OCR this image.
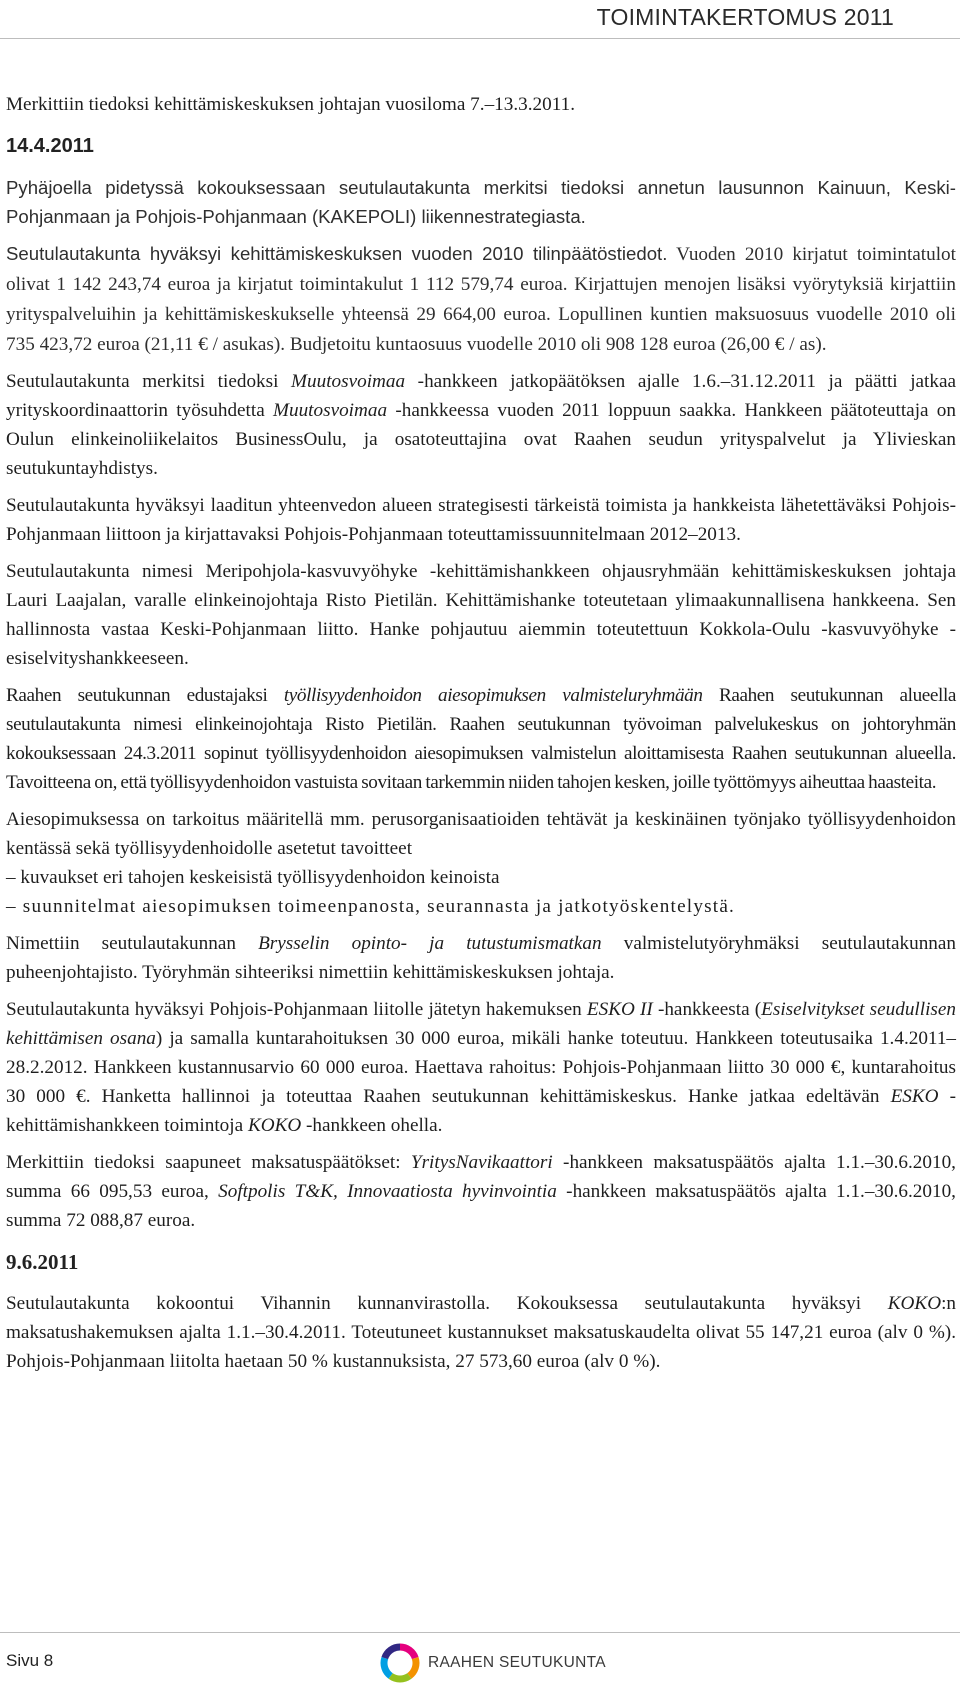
TOIMINTAKERTOMUS 2011

Merkittiin tiedoksi kehittämiskeskuksen johtajan vuosiloma 7.–13.3.2011.

14.4.2011

Pyhäjoella pidetyssä kokouksessaan seutulautakunta merkitsi tiedoksi annetun lausunnon Kainuun, Keski-Pohjanmaan ja Pohjois-Pohjanmaan (KAKEPOLI) liikennestrategiasta.

Seutulautakunta hyväksyi kehittämiskeskuksen vuoden 2010 tilinpäätöstiedot. Vuoden 2010 kirjatut toimintatulot olivat 1 142 243,74 euroa ja kirjatut toimintakulut 1 112 579,74 euroa. Kirjattujen menojen lisäksi vyörytyksiä kirjattiin yrityspalveluihin ja kehittämiskeskukselle yhteensä 29 664,00 euroa. Lopullinen kuntien maksuosuus vuodelle 2010 oli 735 423,72 euroa (21,11 € / asukas). Budjetoitu kuntaosuus vuodelle 2010 oli 908 128 euroa (26,00 € / as).

Seutulautakunta merkitsi tiedoksi Muutosvoimaa -hankkeen jatkopäätöksen ajalle 1.6.–31.12.2011 ja päätti jatkaa yrityskoordinaattorin työsuhdetta Muutosvoimaa -hankkeessa vuoden 2011 loppuun saakka. Hankkeen päätoteuttaja on Oulun elinkeinoliikelaitos BusinessOulu, ja osatoteuttajina ovat Raahen seudun yrityspalvelut ja Ylivieskan seutukuntayhdistys.

Seutulautakunta hyväksyi laaditun yhteenvedon alueen strategisesti tärkeistä toimista ja hankkeista lähetettäväksi Pohjois-Pohjanmaan liittoon ja kirjattavaksi Pohjois-Pohjanmaan toteuttamissuunnitelmaan 2012–2013.

Seutulautakunta nimesi Meripohjola-kasvuvyöhyke -kehittämishankkeen ohjausryhmään kehittämiskeskuksen johtaja Lauri Laajalan, varalle elinkeinojohtaja Risto Pietilän. Kehittämishanke toteutetaan ylimaakunnallisena hankkeena. Sen hallinnosta vastaa Keski-Pohjanmaan liitto. Hanke pohjautuu aiemmin toteutettuun Kokkola-Oulu -kasvuvyöhyke -esiselvityshankkeeseen.

Raahen seutukunnan edustajaksi työllisyydenhoidon aiesopimuksen valmisteluryhmään Raahen seutukunnan alueella seutulautakunta nimesi elinkeinojohtaja Risto Pietilän. Raahen seutukunnan työvoiman palvelukeskus on johtoryhmän kokouksessaan 24.3.2011 sopinut työllisyydenhoidon aiesopimuksen valmistelun aloittamisesta Raahen seutukunnan alueella. Tavoitteena on, että työllisyydenhoidon vastuista sovitaan tarkemmin niiden tahojen kesken, joille työttömyys aiheuttaa haasteita.

Aiesopimuksessa on tarkoitus määritellä mm. perusorganisaatioiden tehtävät ja keskinäinen työnjako työllisyydenhoidon kentässä sekä työllisyydenhoidolle asetetut tavoitteet

– kuvaukset eri tahojen keskeisistä työllisyydenhoidon keinoista
– suunnitelmat aiesopimuksen toimeenpanosta, seurannasta ja jatkotyöskentelystä.

Nimettiin seutulautakunnan Brysselin opinto- ja tutustumismatkan valmistelutyöryhmäksi seutulautakunnan puheenjohtajisto. Työryhmän sihteeriksi nimettiin kehittämiskeskuksen johtaja.

Seutulautakunta hyväksyi Pohjois-Pohjanmaan liitolle jätetyn hakemuksen ESKO II -hankkeesta (Esiselvitykset seudullisen kehittämisen osana) ja samalla kuntarahoituksen 30 000 euroa, mikäli hanke toteutuu. Hankkeen toteutusaika 1.4.2011–28.2.2012. Hankkeen kustannusarvio 60 000 euroa. Haettava rahoitus: Pohjois-Pohjanmaan liitto 30 000 €, kuntarahoitus 30 000 €. Hanketta hallinnoi ja toteuttaa Raahen seutukunnan kehittämiskeskus. Hanke jatkaa edeltävän ESKO -kehittämishankkeen toimintoja KOKO -hankkeen ohella.

Merkittiin tiedoksi saapuneet maksatuspäätökset: YritysNavikaattori -hankkeen maksatuspäätös ajalta 1.1.–30.6.2010, summa 66 095,53 euroa, Softpolis T&K, Innovaatiosta hyvinvointia -hankkeen maksatuspäätös ajalta 1.1.–30.6.2010, summa 72 088,87 euroa.

9.6.2011

Seutulautakunta kokoontui Vihannin kunnanvirastolla. Kokouksessa seutulautakunta hyväksyi KOKO:n maksatushakemuksen ajalta 1.1.–30.4.2011. Toteutuneet kustannukset maksatuskaudelta olivat 55 147,21 euroa (alv 0 %). Pohjois-Pohjanmaan liitolta haetaan 50 % kustannuksista, 27 573,60 euroa (alv 0 %).

Sivu 8	RAAHEN SEUTUKUNTA
